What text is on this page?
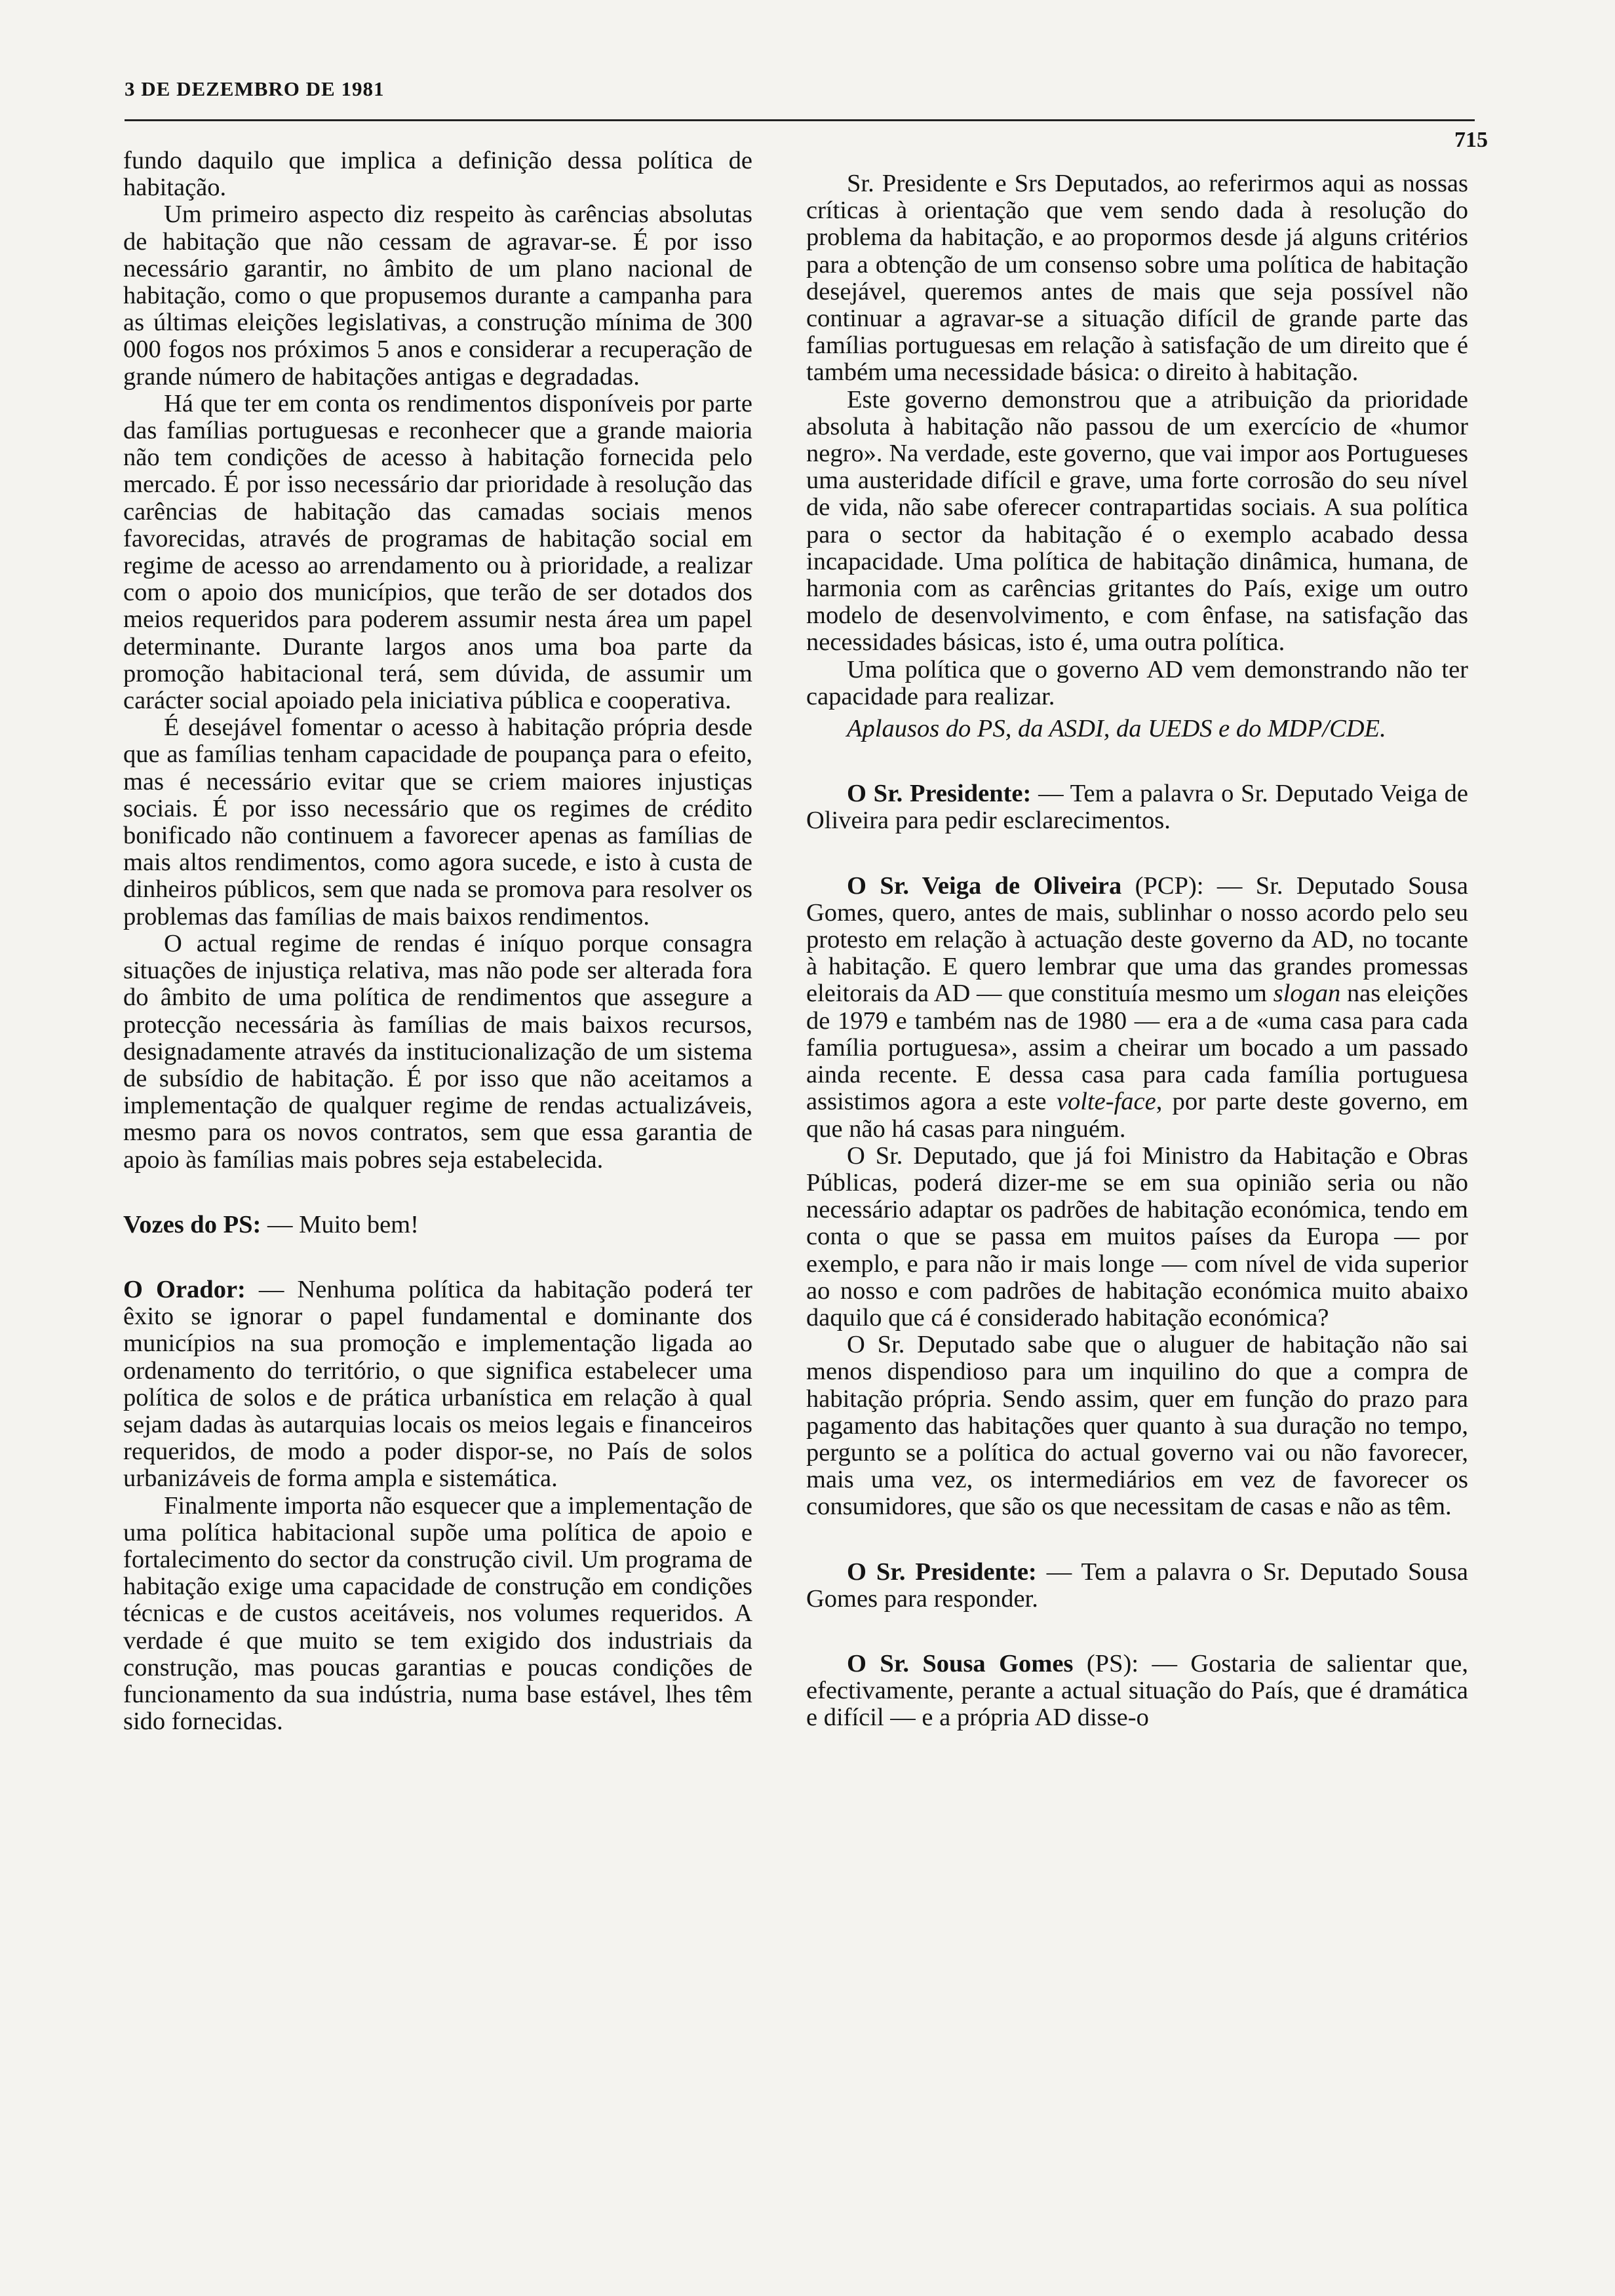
3 DE DEZEMBRO DE 1981
715

fundo daquilo que implica a definição dessa política de habitação.

Um primeiro aspecto diz respeito às carências absolutas de habitação que não cessam de agravar-se. É por isso necessário garantir, no âmbito de um plano nacional de habitação, como o que propusemos durante a campanha para as últimas eleições legislativas, a construção mínima de 300 000 fogos nos próximos 5 anos e considerar a recuperação de grande número de habitações antigas e degradadas.

Há que ter em conta os rendimentos disponíveis por parte das famílias portuguesas e reconhecer que a grande maioria não tem condições de acesso à habitação fornecida pelo mercado. É por isso necessário dar prioridade à resolução das carências de habitação das camadas sociais menos favorecidas, através de programas de habitação social em regime de acesso ao arrendamento ou à prioridade, a realizar com o apoio dos municípios, que terão de ser dotados dos meios requeridos para poderem assumir nesta área um papel determinante. Durante largos anos uma boa parte da promoção habitacional terá, sem dúvida, de assumir um carácter social apoiado pela iniciativa pública e cooperativa.

É desejável fomentar o acesso à habitação própria desde que as famílias tenham capacidade de poupança para o efeito, mas é necessário evitar que se criem maiores injustiças sociais. É por isso necessário que os regimes de crédito bonificado não continuem a favorecer apenas as famílias de mais altos rendimentos, como agora sucede, e isto à custa de dinheiros públicos, sem que nada se promova para resolver os problemas das famílias de mais baixos rendimentos.

O actual regime de rendas é iníquo porque consagra situações de injustiça relativa, mas não pode ser alterada fora do âmbito de uma política de rendimentos que assegure a protecção necessária às famílias de mais baixos recursos, designadamente através da institucionalização de um sistema de subsídio de habitação. É por isso que não aceitamos a implementação de qualquer regime de rendas actualizáveis, mesmo para os novos contratos, sem que essa garantia de apoio às famílias mais pobres seja estabelecida.

Vozes do PS: — Muito bem!

O Orador: — Nenhuma política da habitação poderá ter êxito se ignorar o papel fundamental e dominante dos municípios na sua promoção e implementação ligada ao ordenamento do território, o que significa estabelecer uma política de solos e de prática urbanística em relação à qual sejam dadas às autarquias locais os meios legais e financeiros requeridos, de modo a poder dispor-se, no País de solos urbanizáveis de forma ampla e sistemática.

Finalmente importa não esquecer que a implementação de uma política habitacional supõe uma política de apoio e fortalecimento do sector da construção civil. Um programa de habitação exige uma capacidade de construção em condições técnicas e de custos aceitáveis, nos volumes requeridos. A verdade é que muito se tem exigido dos industriais da construção, mas poucas garantias e poucas condições de funcionamento da sua indústria, numa base estável, lhes têm sido fornecidas.

Sr. Presidente e Srs Deputados, ao referirmos aqui as nossas críticas à orientação que vem sendo dada à resolução do problema da habitação, e ao propormos desde já alguns critérios para a obtenção de um consenso sobre uma política de habitação desejável, queremos antes de mais que seja possível não continuar a agravar-se a situação difícil de grande parte das famílias portuguesas em relação à satisfação de um direito que é também uma necessidade básica: o direito à habitação.

Este governo demonstrou que a atribuição da prioridade absoluta à habitação não passou de um exercício de «humor negro». Na verdade, este governo, que vai impor aos Portugueses uma austeridade difícil e grave, uma forte corrosão do seu nível de vida, não sabe oferecer contrapartidas sociais. A sua política para o sector da habitação é o exemplo acabado dessa incapacidade. Uma política de habitação dinâmica, humana, de harmonia com as carências gritantes do País, exige um outro modelo de desenvolvimento, e com ênfase, na satisfação das necessidades básicas, isto é, uma outra política.

Uma política que o governo AD vem demonstrando não ter capacidade para realizar.

Aplausos do PS, da ASDI, da UEDS e do MDP/CDE.

O Sr. Presidente: — Tem a palavra o Sr. Deputado Veiga de Oliveira para pedir esclarecimentos.

O Sr. Veiga de Oliveira (PCP): — Sr. Deputado Sousa Gomes, quero, antes de mais, sublinhar o nosso acordo pelo seu protesto em relação à actuação deste governo da AD, no tocante à habitação. E quero lembrar que uma das grandes promessas eleitorais da AD — que constituía mesmo um slogan nas eleições de 1979 e também nas de 1980 — era a de «uma casa para cada família portuguesa», assim a cheirar um bocado a um passado ainda recente. E dessa casa para cada família portuguesa assistimos agora a este volte-face, por parte deste governo, em que não há casas para ninguém.

O Sr. Deputado, que já foi Ministro da Habitação e Obras Públicas, poderá dizer-me se em sua opinião seria ou não necessário adaptar os padrões de habitação económica, tendo em conta o que se passa em muitos países da Europa — por exemplo, e para não ir mais longe — com nível de vida superior ao nosso e com padrões de habitação económica muito abaixo daquilo que cá é considerado habitação económica?

O Sr. Deputado sabe que o aluguer de habitação não sai menos dispendioso para um inquilino do que a compra de habitação própria. Sendo assim, quer em função do prazo para pagamento das habitações quer quanto à sua duração no tempo, pergunto se a política do actual governo vai ou não favorecer, mais uma vez, os intermediários em vez de favorecer os consumidores, que são os que necessitam de casas e não as têm.

O Sr. Presidente: — Tem a palavra o Sr. Deputado Sousa Gomes para responder.

O Sr. Sousa Gomes (PS): — Gostaria de salientar que, efectivamente, perante a actual situação do País, que é dramática e difícil — e a própria AD disse-o
